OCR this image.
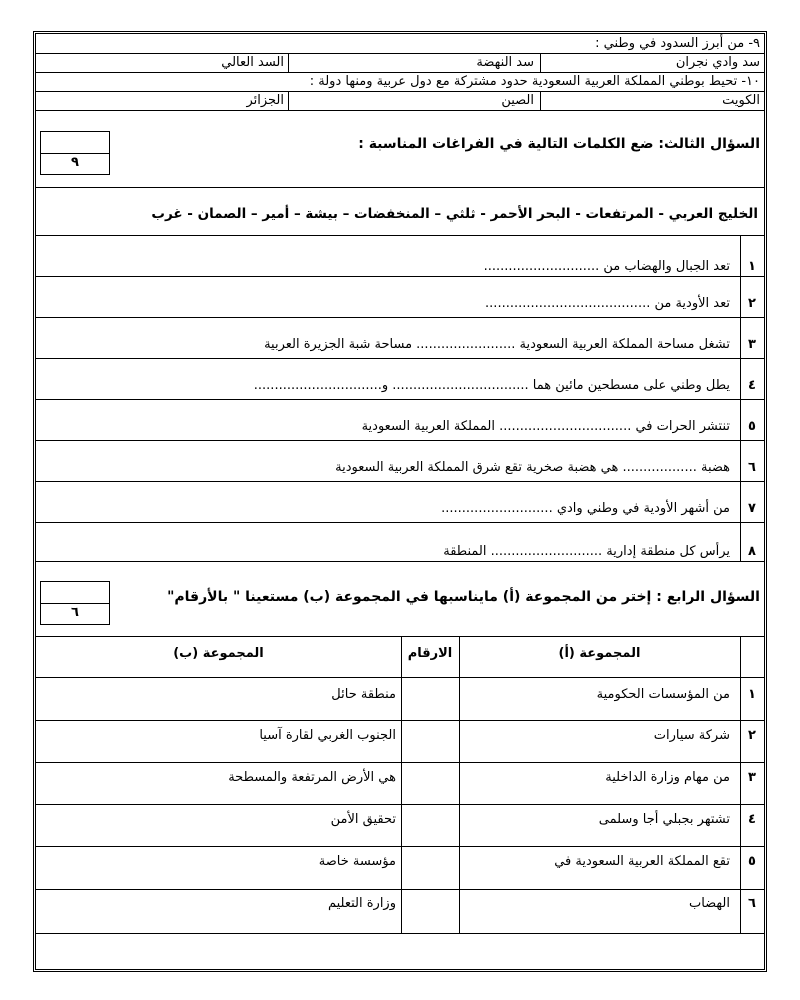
٩- من أبرز السدود في وطني :
سد وادي نجران
سد النهضة
السد العالي
١٠- تحيط بوطني المملكة العربية السعودية حدود مشتركة مع دول عربية ومنها دولة :
الكويت
الصين
الجزائر
السؤال الثالث: ضع الكلمات التالية في الفراغات المناسبة :
٩
الخليج العربي - المرتفعات - البحر الأحمر - ثلثي – المنخفضات – بيشة – أمير – الصمان - غرب
١
تعد الجبال والهضاب من ............................
٢
تعد الأودية من ........................................
٣
تشغل مساحة المملكة العربية السعودية ........................ مساحة شبة الجزيرة العربية
٤
يطل وطني على مسطحين مائين هما ................................. و...............................
٥
تنتشر الحرات في ................................ المملكة العربية السعودية
٦
هضبة .................. هي هضبة صخرية تقع شرق المملكة العربية السعودية
٧
من أشهر الأودية في وطني وادي ...........................
٨
يرأس كل منطقة إدارية ........................... المنطقة
السؤال الرابع : إختر من المجموعة (أ) مايناسبها في المجموعة (ب) مستعينا " بالأرقام"
٦
المجموعة (أ)
الارقام
المجموعة (ب)
١
من المؤسسات الحكومية
منطقة حائل
٢
شركة سيارات
الجنوب الغربي لقارة آسيا
٣
من مهام وزارة الداخلية
هي الأرض المرتفعة والمسطحة
٤
تشتهر بجبلي أجا وسلمى
تحقيق الأمن
٥
تقع المملكة العربية السعودية في
مؤسسة خاصة
٦
الهضاب
وزارة التعليم
